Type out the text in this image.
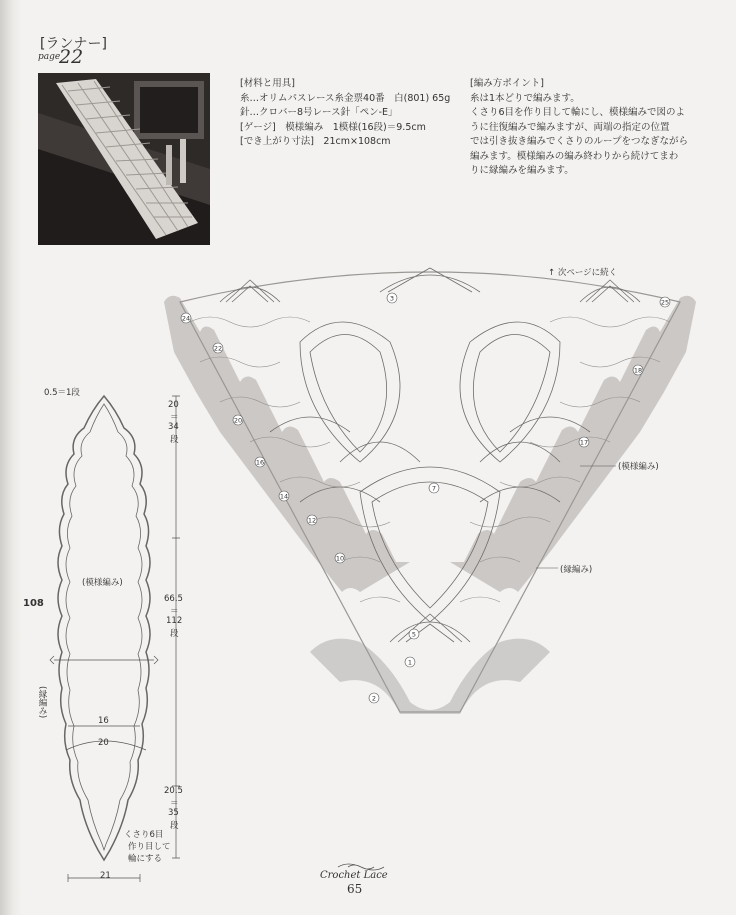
[ランナー]
page
22
[材料と用具]
糸…オリムパスレース糸金票40番　白(801) 65g
針…クロバー8号レース針「ペン-E」
[ゲージ]　模様編み　1模様(16段)＝9.5cm
[でき上がり寸法]　21cm×108cm
[編み方ポイント]
糸は1本どりで編みます。
くさり6目を作り目して輪にし、模様編みで図のよ
うに往復編みで編みますが、両端の指定の位置
では引き抜き編みでくさりのループをつなぎながら
編みます。模様編みの編み終わりから続けてまわ
りに縁編みを編みます。
24
22
20
16
14
12
10
2
1
5
7
3
17
18
25
↑ 次ページに続く
(模様編み)
(縁編み)
0.5＝1段
20
＝
34
段
(模様編み)
66.5
＝
112
段
(縁編み)
16
20
20.5
＝
35
段
くさり6目
作り目して
輪にする
21
108
Crochet Lace
65
